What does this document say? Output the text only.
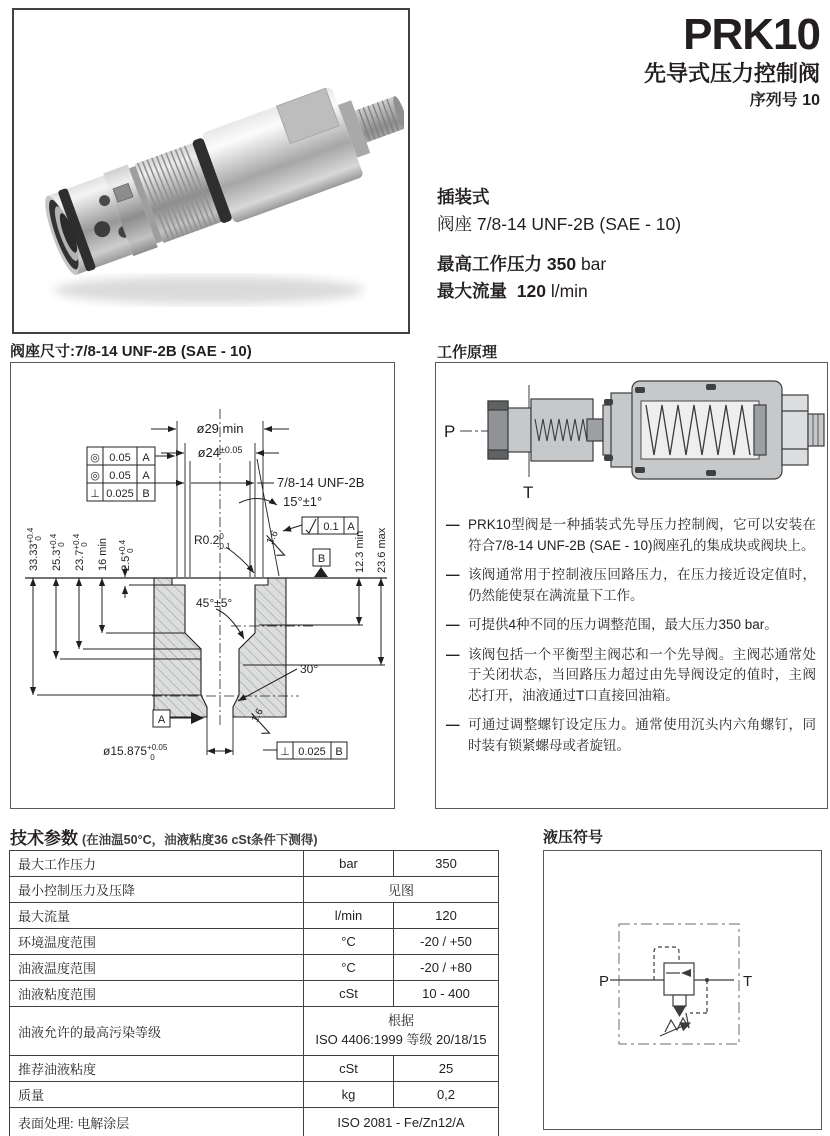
PRK10
先导式压力控制阀
序列号 10
插装式
阀座 7/8-14 UNF-2B (SAE - 10)
最高工作压力 350 bar
最大流量 120 l/min
阀座尺寸:7/8-14 UNF-2B (SAE - 10)	工作原理
◎ 0.05 A
◎ 0.05 A
⊥ 0.025 B
ø29 min
$ø24^{\pm 0.05}$
7/8-14 UNF-2B
15°±1°
0.1 A
$R0.2^0$ -0.1
1.6
1.6
B	12.3 min 23.6 max
$33.33^{+0.4}0$
$25.3^{+0.4}0$
$23.7^{+0.4}0$ 16 $\min 2.5^{+0.4}0$
45°±5°
30°
A
$ø15.875^{+0.05}$ 0	⊥ 0.025 B
P
T
— PRK10型阀是一种插装式先导压力控制阀，它可以安装在符合7/8-14 UNF-2B (SAE - 10)阀座孔的集成块或阀块上。

— 该阀通常用于控制液压回路压力，在压力接近设定值时，仍然能使泵在满流量下工作。

— 可提供4种不同的压力调整范围，最大压力350 bar。

— 该阀包括一个平衡型主阀芯和一个先导阀。主阀芯通常处于关闭状态，当回路压力超过由先导阀设定的值时，主阀芯打开，油液通过T口直接回油箱。

— 可通过调整螺钉设定压力。通常使用沉头内六角螺钉，同时装有锁紧螺母或者旋钮。

技术参数 (在油温50°C，油液粘度36 cSt条件下测得)
最大工作压力	bar	350
最小控制压力及压降	见图	
最大流量	l/min	120
环境温度范围	°C	-20 / +50
油液温度范围	°C	-20 / +80
油液粘度范围	cSt	10 - 400
油液允许的最高污染等级	根据
ISO 4406:1999 等级 20/18/15	

推荐油液粘度	cSt	25
质量	kg	0,2
表面处理: 电解涂层	ISO 2081 - Fe/Zn12/A	
液压符号
P	T
